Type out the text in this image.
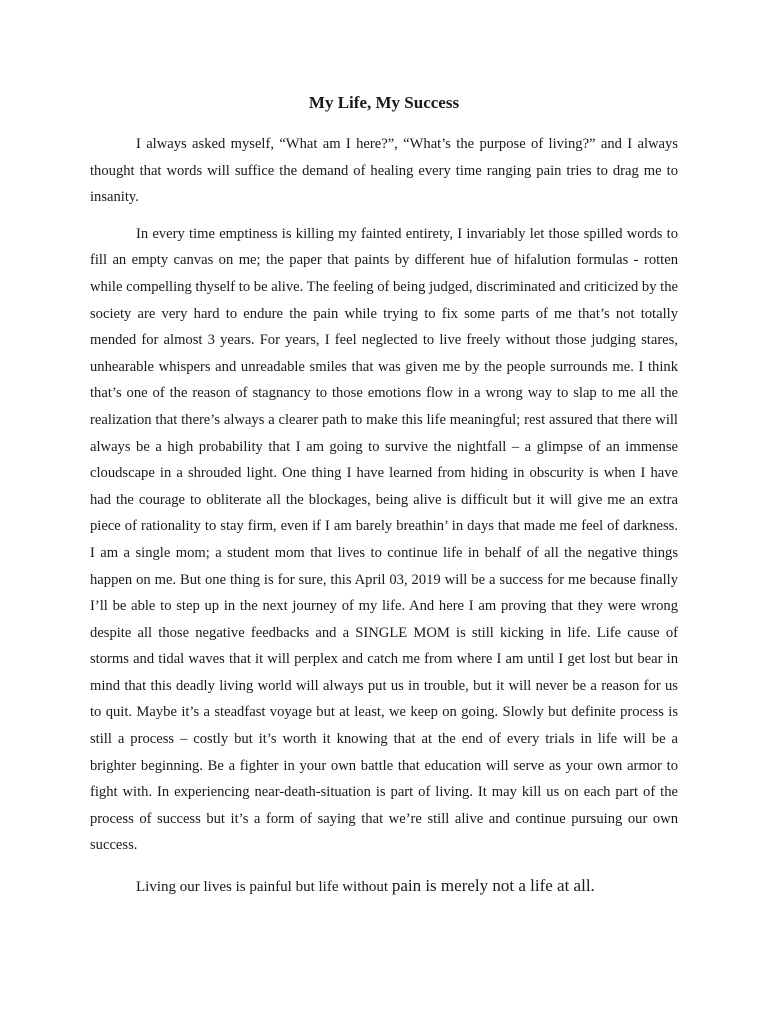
My Life, My Success

I always asked myself, “What am I here?”, “What’s the purpose of living?” and I always thought that words will suffice the demand of healing every time ranging pain tries to drag me to insanity.

In every time emptiness is killing my fainted entirety, I invariably let those spilled words to fill an empty canvas on me; the paper that paints by different hue of hifalution formulas - rotten while compelling thyself to be alive. The feeling of being judged, discriminated and criticized by the society are very hard to endure the pain while trying to fix some parts of me that’s not totally mended for almost 3 years. For years, I feel neglected to live freely without those judging stares, unhearable whispers and unreadable smiles that was given me by the people surrounds me. I think that’s one of the reason of stagnancy to those emotions flow in a wrong way to slap to me all the realization that there’s always a clearer path to make this life meaningful; rest assured that there will always be a high probability that I am going to survive the nightfall – a glimpse of an immense cloudscape in a shrouded light. One thing I have learned from hiding in obscurity is when I have had the courage to obliterate all the blockages, being alive is difficult but it will give me an extra piece of rationality to stay firm, even if I am barely breathin’ in days that made me feel of darkness. I am a single mom; a student mom that lives to continue life in behalf of all the negative things happen on me. But one thing is for sure, this April 03, 2019 will be a success for me because finally I’ll be able to step up in the next journey of my life. And here I am proving that they were wrong despite all those negative feedbacks and a SINGLE MOM is still kicking in life. Life cause of storms and tidal waves that it will perplex and catch me from where I am until I get lost but bear in mind that this deadly living world will always put us in trouble, but it will never be a reason for us to quit. Maybe it’s a steadfast voyage but at least, we keep on going. Slowly but definite process is still a process – costly but it’s worth it knowing that at the end of every trials in life will be a brighter beginning. Be a fighter in your own battle that education will serve as your own armor to fight with. In experiencing near-death-situation is part of living. It may kill us on each part of the process of success but it’s a form of saying that we’re still alive and continue pursuing our own success.

Living our lives is painful but life without pain is merely not a life at all.
